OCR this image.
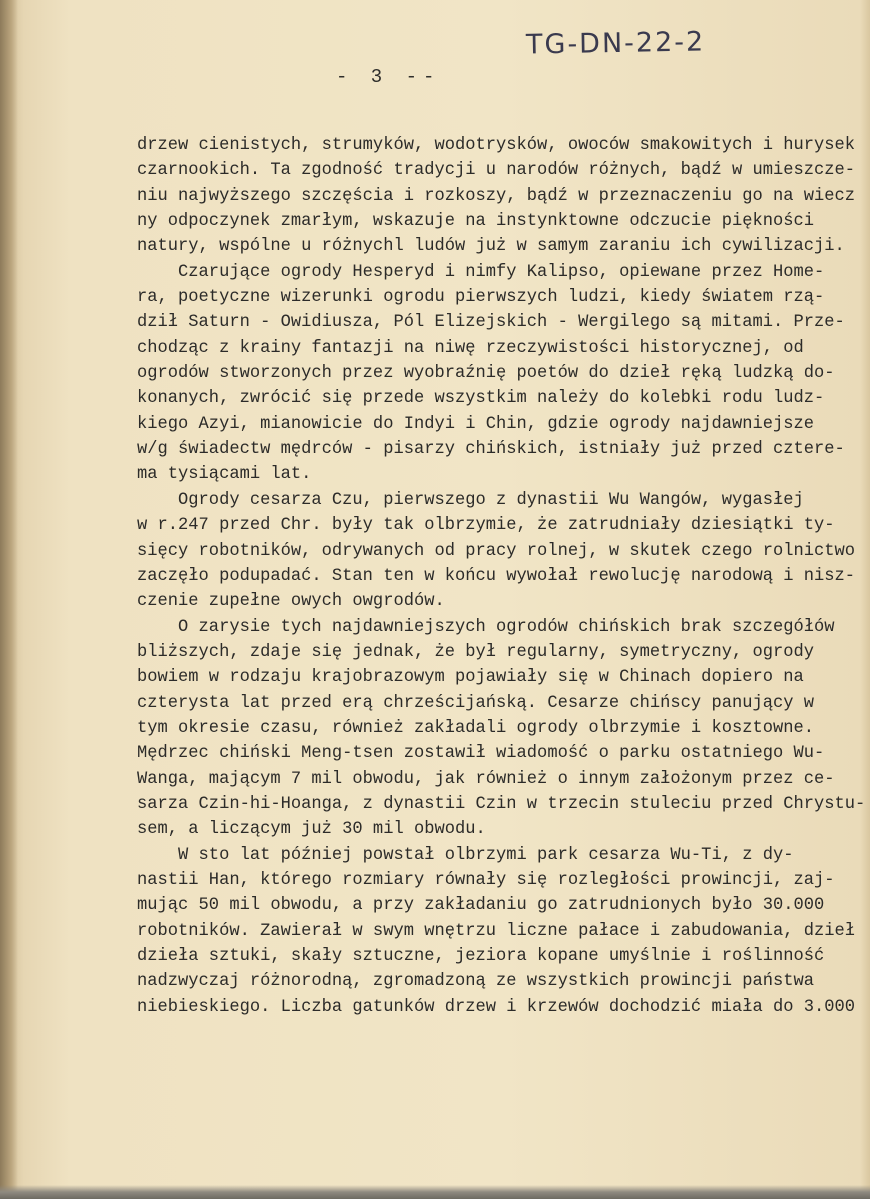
TG-DN-22-2
- 3 --
drzew cienistych, strumyków, wodotrysków, owoców smakowitych i hurysek
czarnookich. Ta zgodność tradycji u narodów różnych, bądź w umieszcze-
niu najwyższego szczęścia i rozkoszy, bądź w przeznaczeniu go na wiecz
ny odpoczynek zmarłym, wskazuje na instynktowne odczucie piękności
natury, wspólne u różnychl ludów już w samym zaraniu ich cywilizacji.
Czarujące ogrody Hesperyd i nimfy Kalipso, opiewane przez Home-
ra, poetyczne wizerunki ogrodu pierwszych ludzi, kiedy światem rzą-
dził Saturn - Owidiusza, Pól Elizejskich - Wergilego są mitami. Prze-
chodząc z krainy fantazji na niwę rzeczywistości historycznej, od
ogrodów stworzonych przez wyobraźnię poetów do dzieł ręką ludzką do-
konanych, zwrócić się przede wszystkim należy do kolebki rodu ludz-
kiego Azyi, mianowicie do Indyi i Chin, gdzie ogrody najdawniejsze
w/g świadectw mędrców - pisarzy chińskich, istniały już przed cztere-
ma tysiącami lat.
Ogrody cesarza Czu, pierwszego z dynastii Wu Wangów, wygasłej
w r.247 przed Chr. były tak olbrzymie, że zatrudniały dziesiątki ty-
sięcy robotników, odrywanych od pracy rolnej, w skutek czego rolnictwo
zaczęło podupadać. Stan ten w końcu wywołał rewolucję narodową i nisz-
czenie zupełne owych owgrodów.
O zarysie tych najdawniejszych ogrodów chińskich brak szczegółów
bliższych, zdaje się jednak, że był regularny, symetryczny, ogrody
bowiem w rodzaju krajobrazowym pojawiały się w Chinach dopiero na
czterysta lat przed erą chrześcijańską. Cesarze chińscy panujący w
tym okresie czasu, również zakładali ogrody olbrzymie i kosztowne.
Mędrzec chiński Meng-tsen zostawił wiadomość o parku ostatniego Wu-
Wanga, mającym 7 mil obwodu, jak również o innym założonym przez ce-
sarza Czin-hi-Hoanga, z dynastii Czin w trzecin stuleciu przed Chrystu-
sem, a liczącym już 30 mil obwodu.
W sto lat później powstał olbrzymi park cesarza Wu-Ti, z dy-
nastii Han, którego rozmiary równały się rozległości prowincji, zaj-
mując 50 mil obwodu, a przy zakładaniu go zatrudnionych było 30.000
robotników. Zawierał w swym wnętrzu liczne pałace i zabudowania, dzieł
dzieła sztuki, skały sztuczne, jeziora kopane umyślnie i roślinność
nadzwyczaj różnorodną, zgromadzoną ze wszystkich prowincji państwa
niebieskiego. Liczba gatunków drzew i krzewów dochodzić miała do 3.000
